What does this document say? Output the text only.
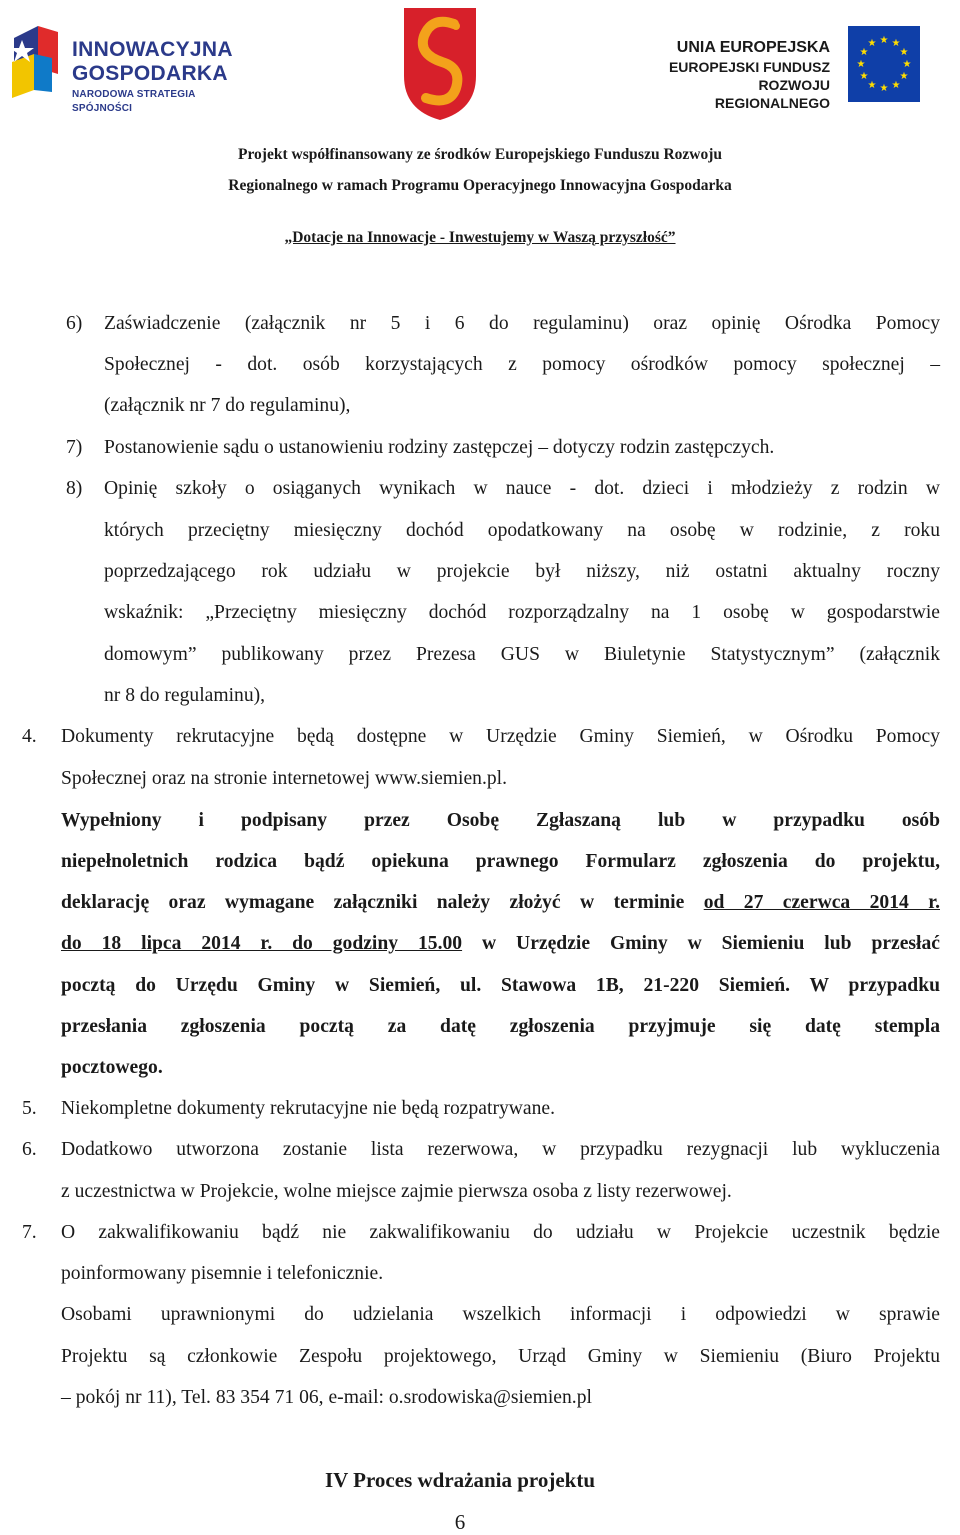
INNOWACYJNA
GOSPODARKA
NARODOWA STRATEGIA SPÓJNOŚCI
UNIA EUROPEJSKA
EUROPEJSKI FUNDUSZ
ROZWOJU REGIONALNEGO
★ ★
★
★
★
★
★
★
★
★
★
★
Projekt współfinansowany ze środków Europejskiego Funduszu Rozwoju
Regionalnego w ramach Programu Operacyjnego Innowacyjna Gospodarka
„Dotacje na Innowacje - Inwestujemy w Waszą przyszłość”
6) Zaświadczenie (załącznik nr 5 i 6 do regulaminu) oraz opinię Ośrodka Pomocy
Społecznej - dot. osób korzystających z pomocy ośrodków pomocy społecznej –
(załącznik nr 7 do regulaminu),
7) Postanowienie sądu o ustanowieniu rodziny zastępczej – dotyczy rodzin zastępczych.
8) Opinię szkoły o osiąganych wynikach w nauce - dot. dzieci i młodzieży z rodzin w
których przeciętny miesięczny dochód opodatkowany na osobę w rodzinie, z roku
poprzedzającego rok udziału w projekcie był niższy, niż ostatni aktualny roczny
wskaźnik: „Przeciętny miesięczny dochód rozporządzalny na 1 osobę w gospodarstwie
domowym” publikowany przez Prezesa GUS w Biuletynie Statystycznym” (załącznik
nr 8 do regulaminu),
4. Dokumenty rekrutacyjne będą dostępne w Urzędzie Gminy Siemień, w Ośrodku Pomocy
Społecznej oraz na stronie internetowej www.siemien.pl.
Wypełniony i podpisany przez Osobę Zgłaszaną lub w przypadku osób
niepełnoletnich rodzica bądź opiekuna prawnego Formularz zgłoszenia do projektu,
deklarację oraz wymagane załączniki należy złożyć w terminie od 27 czerwca 2014 r.
do 18 lipca 2014 r. do godziny 15.00 w Urzędzie Gminy w Siemieniu lub przesłać
pocztą do Urzędu Gminy w Siemień, ul. Stawowa 1B, 21-220 Siemień. W przypadku
przesłania zgłoszenia pocztą za datę zgłoszenia przyjmuje się datę stempla
pocztowego.
5. Niekompletne dokumenty rekrutacyjne nie będą rozpatrywane.
6. Dodatkowo utworzona zostanie lista rezerwowa, w przypadku rezygnacji lub wykluczenia
z uczestnictwa w Projekcie, wolne miejsce zajmie pierwsza osoba z listy rezerwowej.
7. O zakwalifikowaniu bądź nie zakwalifikowaniu do udziału w Projekcie uczestnik będzie
poinformowany pisemnie i telefonicznie.
Osobami uprawnionymi do udzielania wszelkich informacji i odpowiedzi w sprawie
Projektu są członkowie Zespołu projektowego, Urząd Gminy w Siemieniu (Biuro Projektu
– pokój nr 11), Tel. 83 354 71 06, e-mail: o.srodowiska@siemien.pl
IV Proces wdrażania projektu
6
